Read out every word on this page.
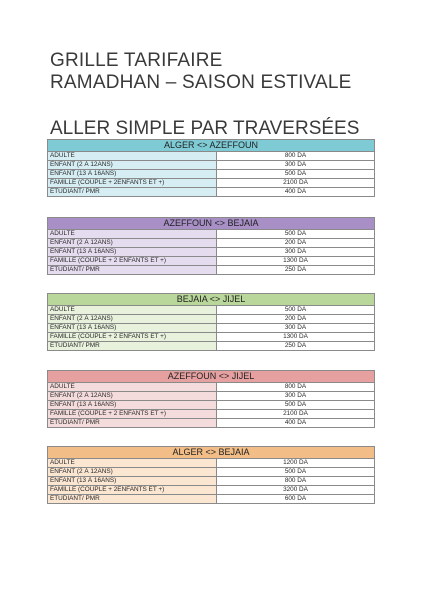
GRILLE TARIFAIRE
RAMADHAN – SAISON ESTIVALE
ALLER SIMPLE PAR TRAVERSÉES
ALGER <> AZEFFOUN
ADULTE	800 DA
ENFANT (2 À 12ANS)	300 DA
ENFANT (13 À 16ANS)	500 DA
FAMILLE (COUPLE + 2ENFANTS ET +)	2100 DA
ÉTUDIANT/ PMR	400 DA
AZEFFOUN <> BEJAIA
ADULTE	500 DA
ENFANT (2 À 12ANS)	200 DA
ENFANT (13 À 16ANS)	300 DA
FAMILLE (COUPLE + 2 ENFANTS ET +)	1300 DA
ÉTUDIANT/ PMR	250 DA
BEJAIA <> JIJEL
ADULTE	500 DA
ENFANT (2 À 12ANS)	200 DA
ENFANT (13 À 16ANS)	300 DA
FAMILLE (COUPLE + 2 ENFANTS ET +)	1300 DA
ÉTUDIANT/ PMR	250 DA
AZEFFOUN <> JIJEL
ADULTE	800 DA
ENFANT (2 À 12ANS)	300 DA
ENFANT (13 À 16ANS)	500 DA
FAMILLE (COUPLE + 2 ENFANTS ET +)	2100 DA
ÉTUDIANT/ PMR	400 DA
ALGER <> BEJAIA
ADULTE	1200 DA
ENFANT (2 À 12ANS)	500 DA
ENFANT (13 À 16ANS)	800 DA
FAMILLE (COUPLE + 2ENFANTS ET +)	3200 DA
ÉTUDIANT/ PMR	600 DA
